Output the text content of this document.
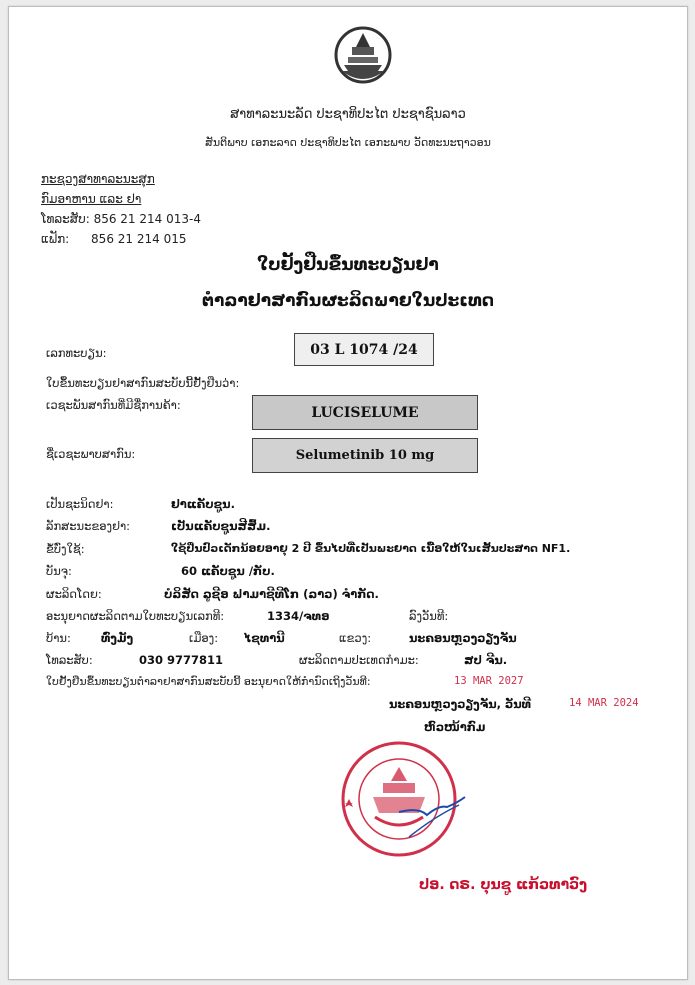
ສາທາລະນະລັດ ປະຊາທິປະໄຕ ປະຊາຊົນລາວ
ສັນຕິພາບ ເອກະລາດ ປະຊາທິປະໄຕ ເອກະພາບ ວັດທະນະຖາວອນ
ກະຊວງສາທາລະນະສຸກ
ກົມອາຫານ ແລະ ຢາ
ໂທລະສັບ: 856 21 214 013-4
ແຟັກ: 856 21 214 015
ໃບຢັ້ງຢືນຂຶ້ນທະບຽນຢາ
ຕໍາລາຢາສາກົນຜະລິດພາຍໃນປະເທດ
ເລກທະບຽນ:	03 L 1074 /24
ໃບຂຶ້ນທະບຽນຢາສາກົນສະບັບນີ້ຢັ້ງຢືນວ່າ:
ເວຊະພັນສາກົນທີ່ມີຊື່ການຄ້າ:	LUCISELUME
ຊື່ເວຊະພາບສາກົນ:	Selumetinib 10 mg
ເປັນຊະນິດຢາ:	ຢາແຄັບຊູນ.
ລັກສະນະຂອງຢາ:	ເປັນແຄັບຊູນສີສົ້ມ.
ຂໍ້ບົ່ງໃຊ້:	ໃຊ້ປິ່ນປົວເດັກນ້ອຍອາຍຸ 2 ປີ ຂຶ້ນໄປທີ່ເປັນພະຍາດ ເນື້ອໃຫ້ໃນເສັ້ນປະສາດ NF1.
ບັນຈຸ:	60 ແຄັບຊູນ /ກັບ.
ຜະລິດໂດຍ:	ບໍລິສັດ ລູຊີອ ຟາມາຊີທີໂກ (ລາວ) ຈໍາກັດ.
ອະນຸຍາດຜະລິດຕາມໃບທະບຽນເລກທີ:	1334/ຈທອ	ລົງວັນທີ:
ບ້ານ:	ທົ່ງມັງ	ເມືອງ: ໄຊທານີ	ແຂວງ:	ນະຄອນຫຼວງວຽງຈັນ
ໂທລະສັບ:	030 9777811	ຜະລິດຕາມປະເທດກໍາມະ:	ສປ ຈີນ.
ໃບຢັ້ງຢືນຂຶ້ນທະບຽນຕໍາລາຢາສາກົນສະບັບນີ້ ອະນຸຍາດໃຫ້ກໍານົດເຖິງວັນທີ:	13 MAR 2027
ນະຄອນຫຼວງວຽງຈັນ, ວັນທີ	14 MAR 2024
ຫົວໜ້າກົມ
ປອ. ດຣ. ບຸນຊູ ແກ້ວທາວົງ
